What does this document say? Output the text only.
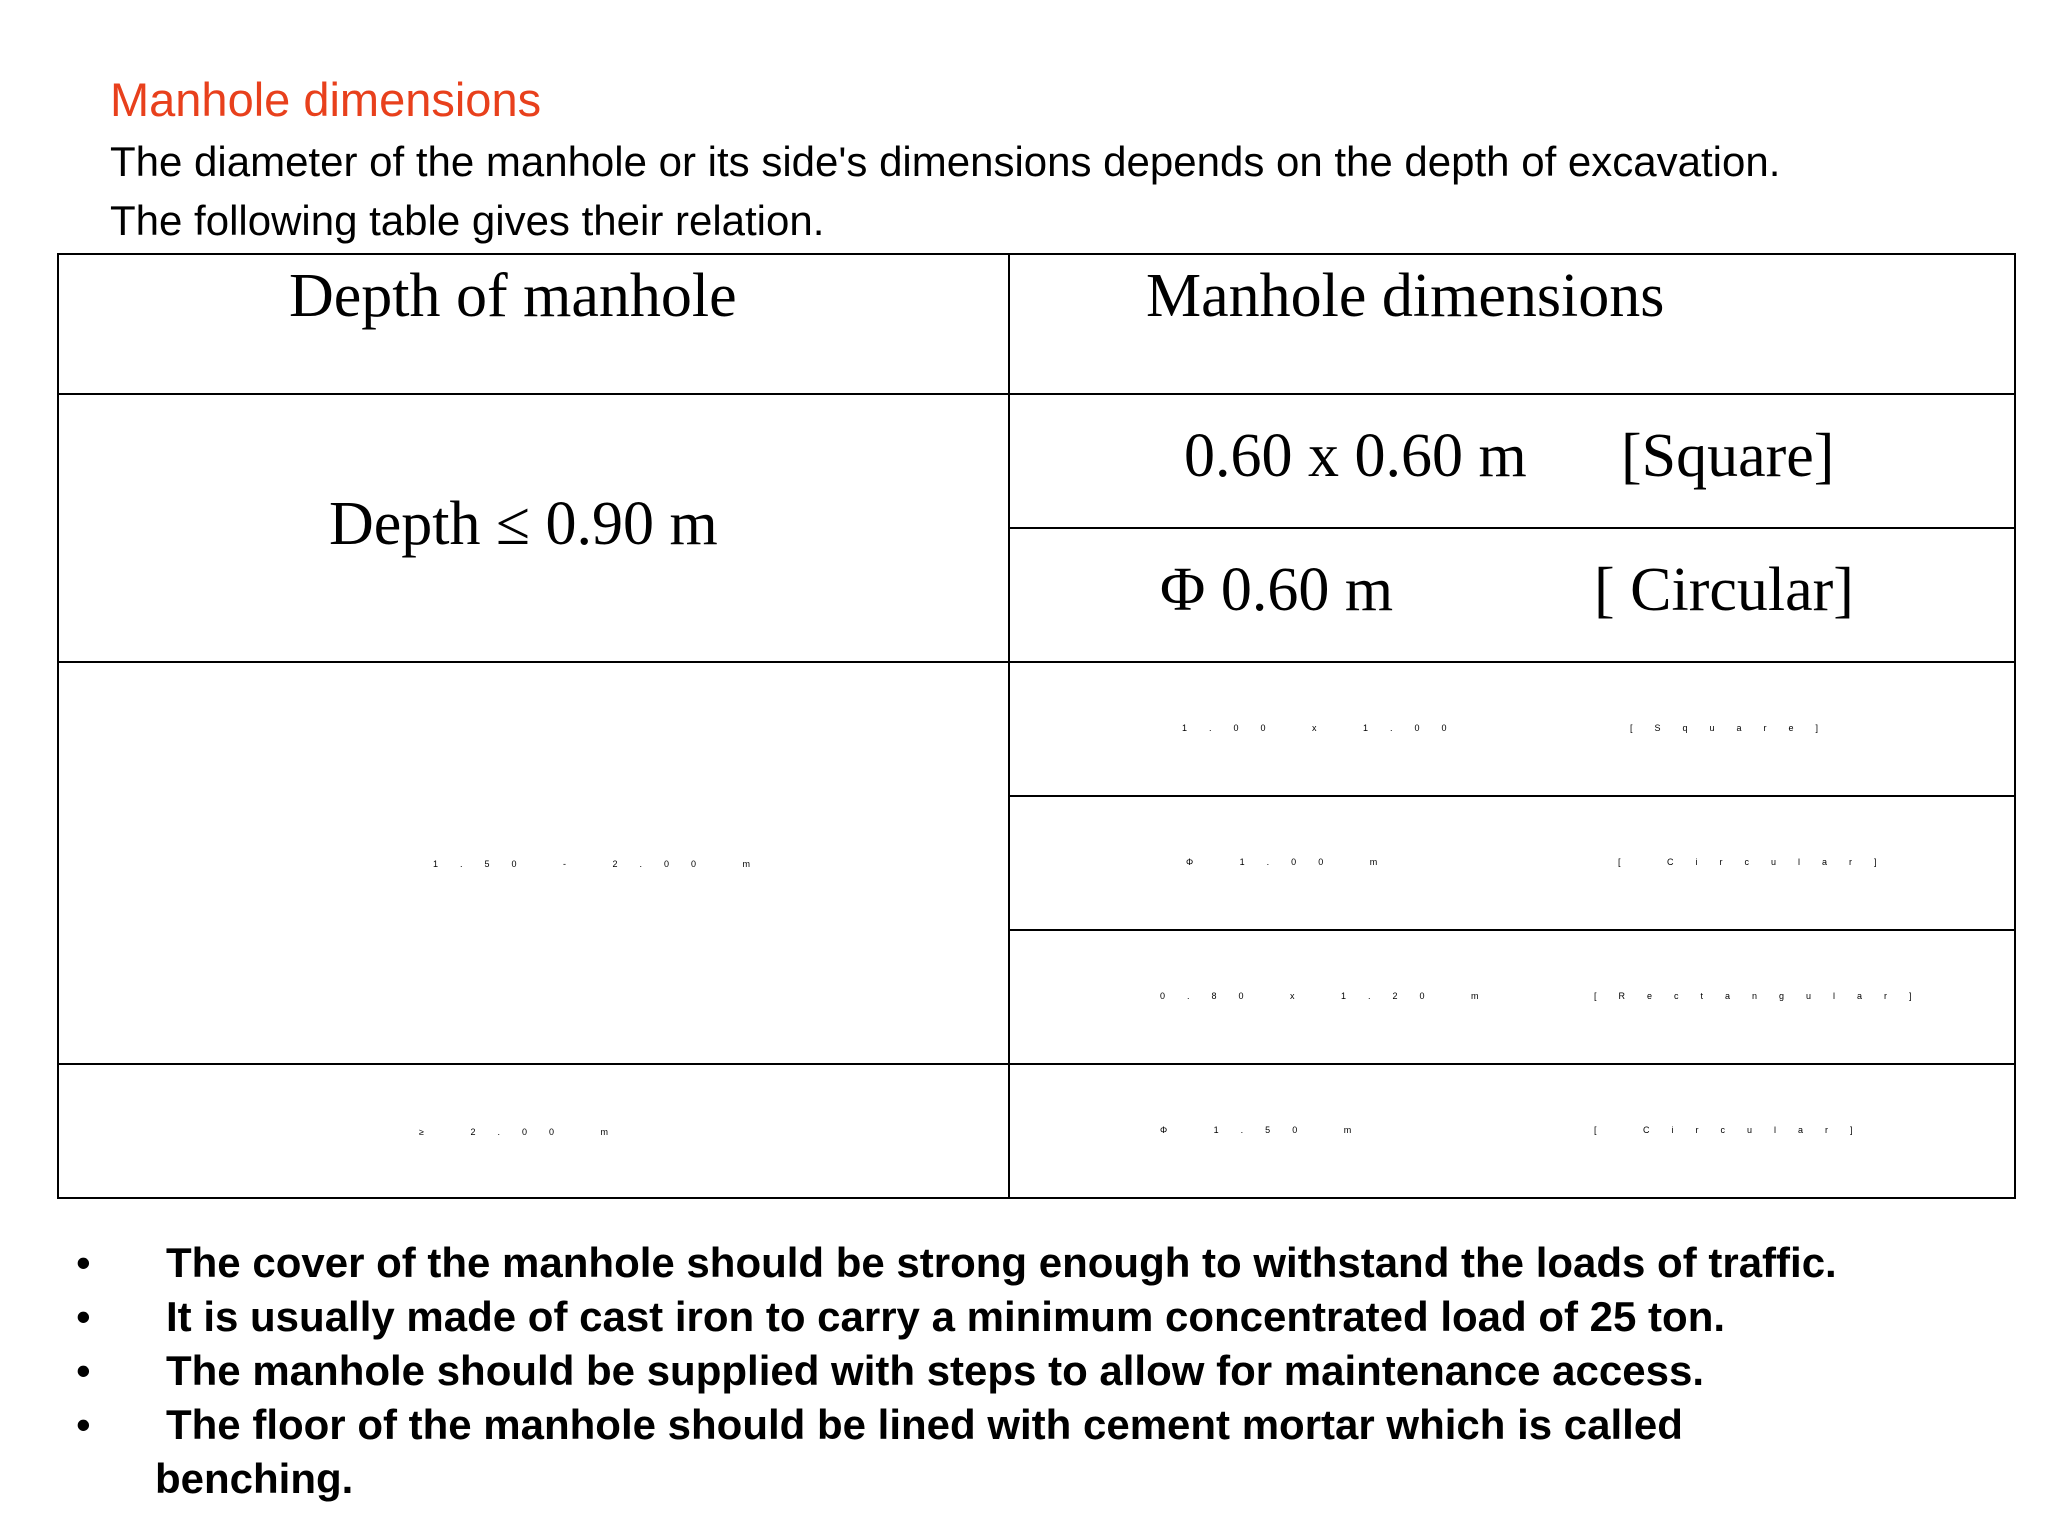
Manhole dimensions
The diameter of the manhole or its side's dimensions depends on the depth of excavation.
The following table gives their relation.
Depth of manhole	Manhole dimensions
Depth ≤ 0.90 m	0.60 x 0.60 m [Square]

	Φ 0.60 m [ Circular]

1.50 - 2.00 m	1.00 x 1.00 [Square]

	Φ 1.00 m [ Circular]

	0.80 x 1.20 m [Rectangular]

≥ 2.00 m	Φ 1.50 m [ Circular]
• The cover of the manhole should be strong enough to withstand the loads of traffic.
• It is usually made of cast iron to carry a minimum concentrated load of 25 ton.
• The manhole should be supplied with steps to allow for maintenance access.
• The floor of the manhole should be lined with cement mortar which is called
benching.
